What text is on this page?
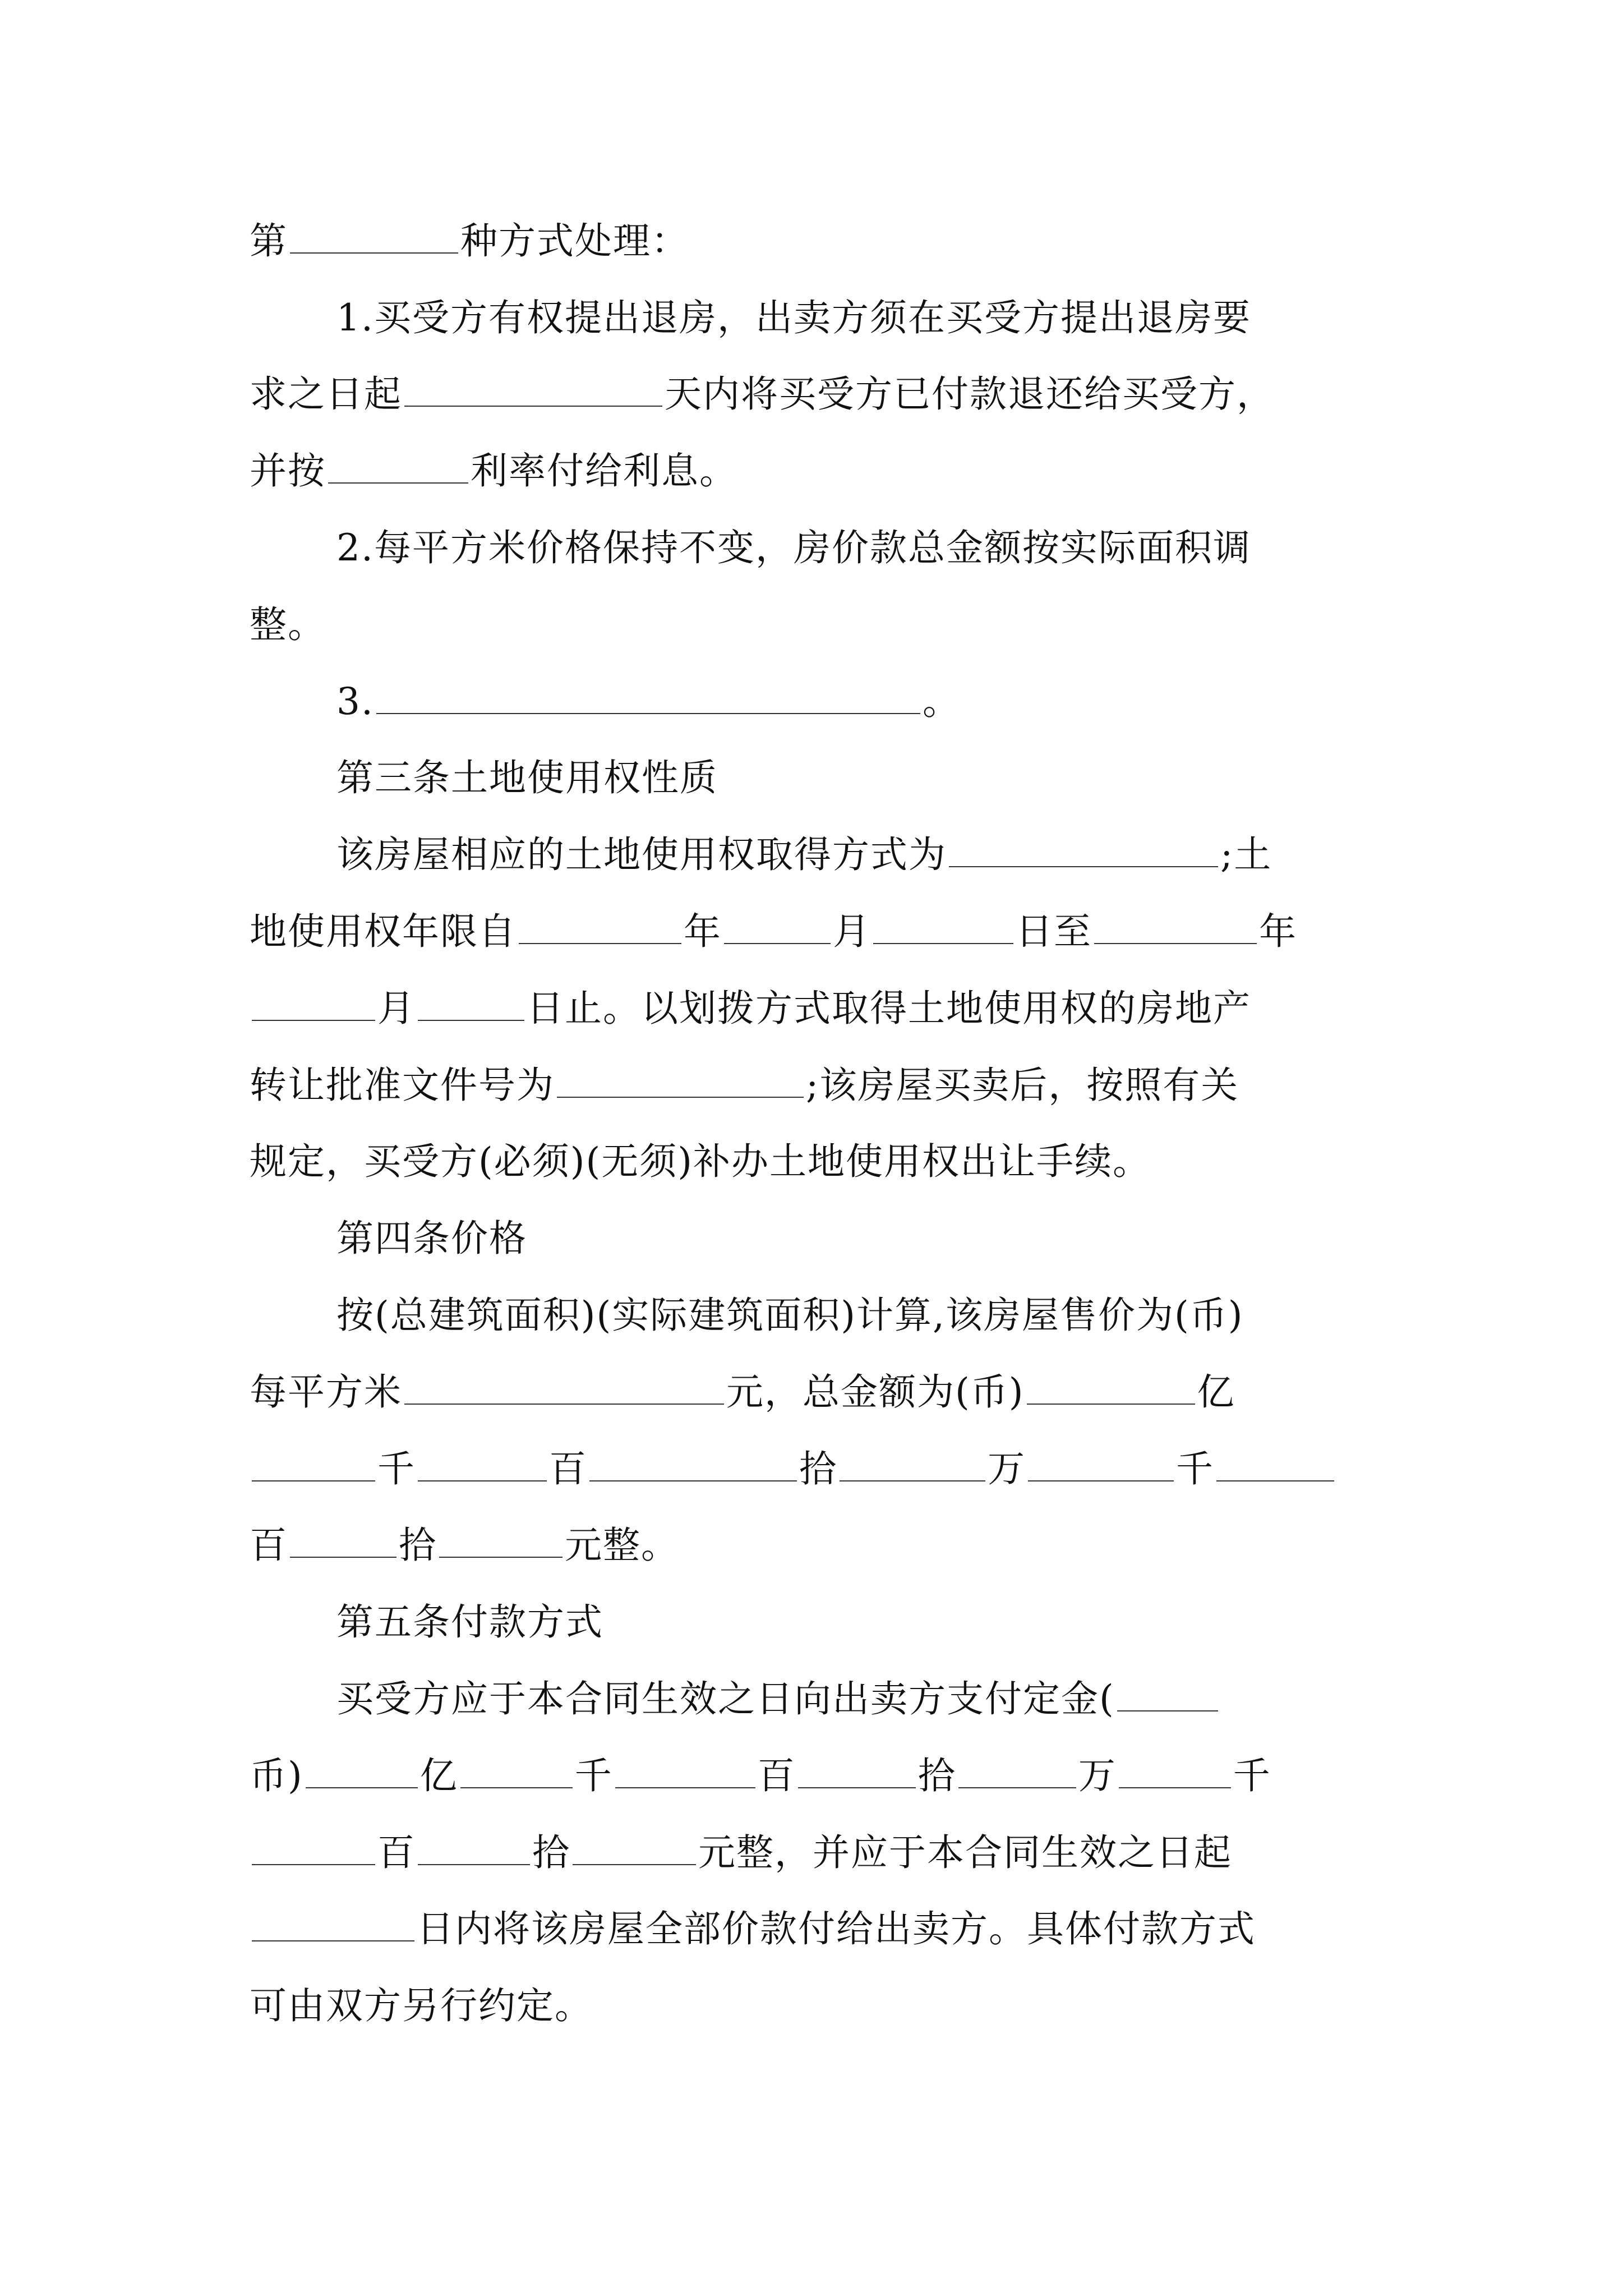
第	种方式处理：
1.买受方有权提出退房，出卖方须在买受方提出退房要
求之日起	天内将买受方已付款退还给买受方，
并按	利率付给利息。
2.每平方米价格保持不变，房价款总金额按实际面积调
整。
3.	。
第三条土地使用权性质
该房屋相应的土地使用权取得方式为	;土
地使用权年限自	年	月	日至	年
月	日止。以划拨方式取得土地使用权的房地产
转让批准文件号为	;该房屋买卖后，按照有关
规定，买受方(必须)(无须)补办土地使用权出让手续。
第四条价格
按(总建筑面积)(实际建筑面积)计算,该房屋售价为(币)
每平方米	元，总金额为(币)	亿
千	百	拾	万	千
百	拾	元整。
第五条付款方式
买受方应于本合同生效之日向出卖方支付定金(
币)	亿	千	百	拾	万	千
百	拾	元整，并应于本合同生效之日起
日内将该房屋全部价款付给出卖方。具体付款方式
可由双方另行约定。
